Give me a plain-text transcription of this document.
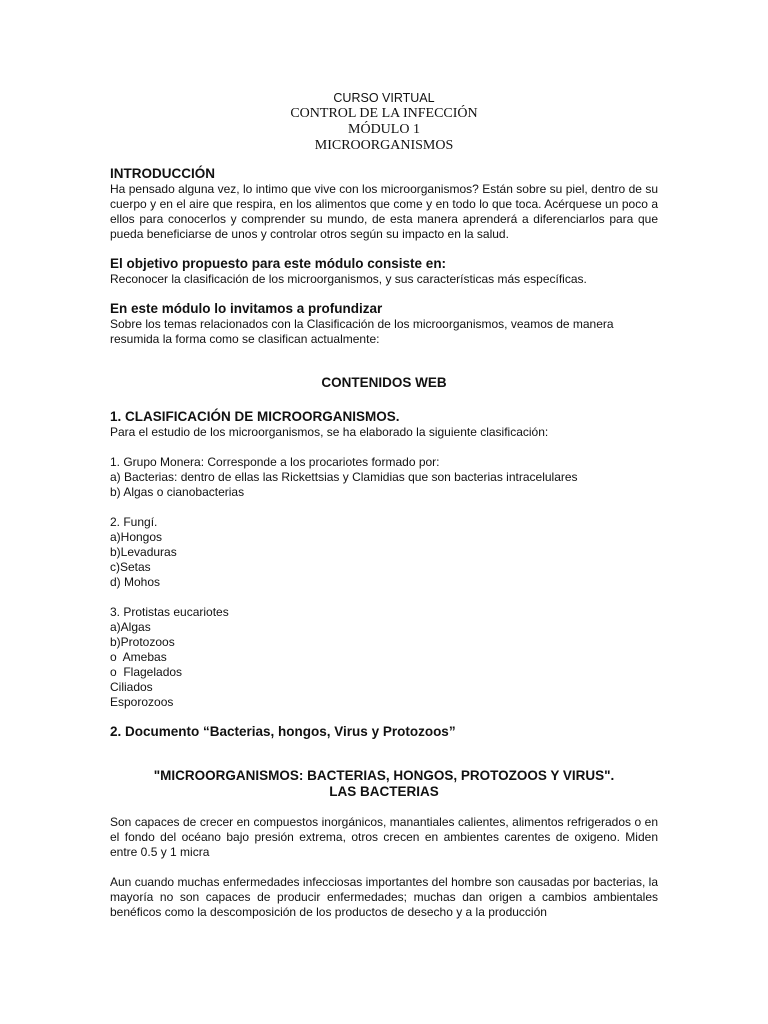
CURSO VIRTUAL
CONTROL DE LA INFECCIÓN
MÓDULO 1
MICROORGANISMOS
INTRODUCCIÓN
Ha pensado alguna vez, lo intimo que vive con los microorganismos? Están sobre su piel, dentro de su cuerpo y en el aire que respira, en los alimentos que come y en todo lo que toca. Acérquese un poco a ellos para conocerlos y comprender su mundo, de esta manera aprenderá a diferenciarlos para que pueda beneficiarse de unos y controlar otros según su impacto en la salud.
El objetivo propuesto para este módulo consiste en:
Reconocer la clasificación de los microorganismos, y sus características más específicas.
En este módulo lo invitamos a profundizar
Sobre los temas relacionados con la Clasificación de los microorganismos, veamos de manera
resumida la forma como se clasifican actualmente:
CONTENIDOS WEB
1. CLASIFICACIÓN DE MICROORGANISMOS.
Para el estudio de los microorganismos, se ha elaborado la siguiente clasificación:
1. Grupo Monera: Corresponde a los procariotes formado por:
a) Bacterias: dentro de ellas las Rickettsias y Clamidias que son bacterias intracelulares
b) Algas o cianobacterias
2. Fungí.
a)Hongos
b)Levaduras
c)Setas
d) Mohos
3. Protistas eucariotes
a)Algas
b)Protozoos
o  Amebas
o  Flagelados
Ciliados
Esporozoos
2. Documento “Bacterias, hongos, Virus y Protozoos”
"MICROORGANISMOS: BACTERIAS, HONGOS, PROTOZOOS Y VIRUS".
LAS BACTERIAS
Son capaces de crecer en compuestos inorgánicos, manantiales calientes, alimentos refrigerados o en el fondo del océano bajo presión extrema, otros crecen en ambientes carentes de oxigeno. Miden entre 0.5 y 1 micra
Aun cuando muchas enfermedades infecciosas importantes del hombre son causadas por bacterias, la mayoría no son capaces de producir enfermedades; muchas dan origen a cambios ambientales benéficos como la descomposición de los productos de desecho y a la producción
